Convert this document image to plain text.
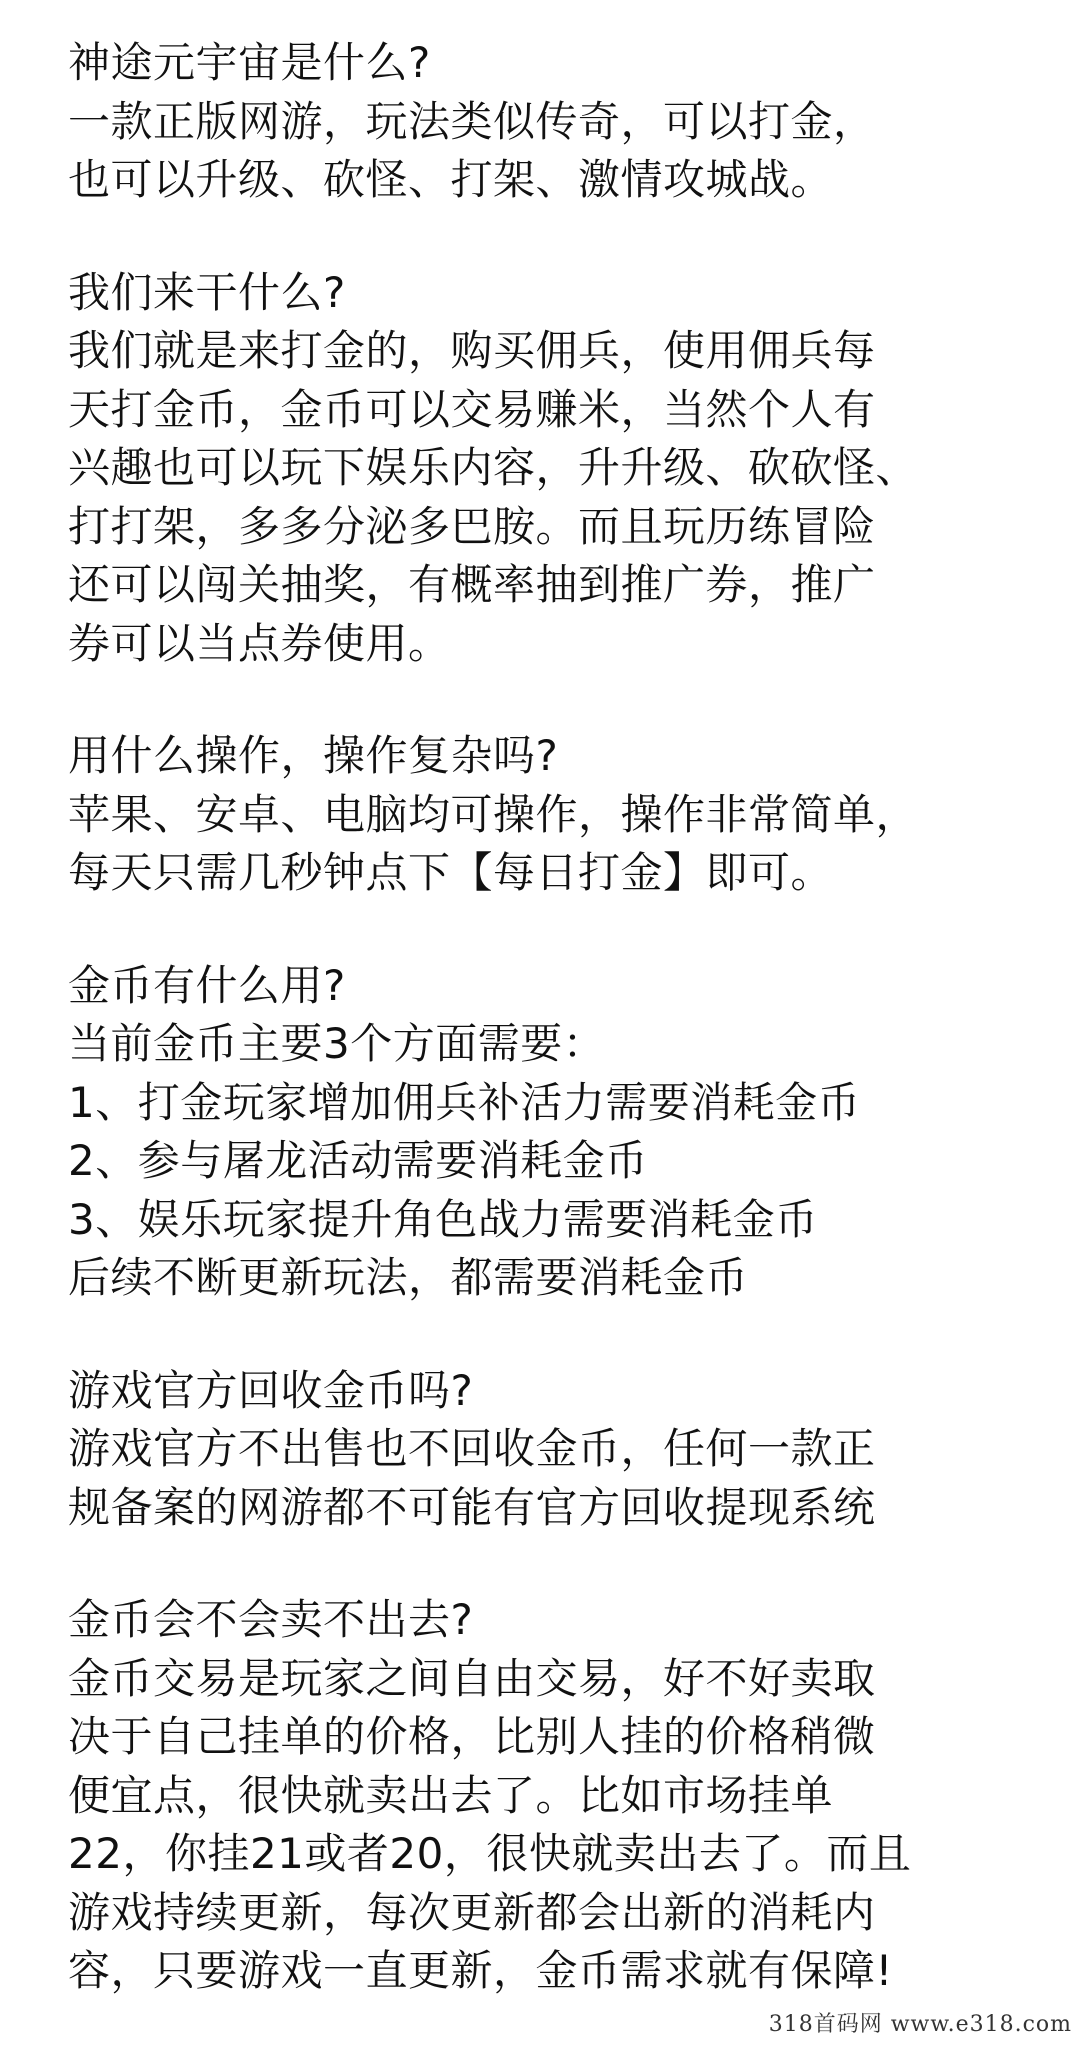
神途元宇宙是什么?
一款正版网游，玩法类似传奇，可以打金，
也可以升级、砍怪、打架、激情攻城战。
我们来干什么?
我们就是来打金的，购买佣兵，使用佣兵每
天打金币，金币可以交易赚米，当然个人有
兴趣也可以玩下娱乐内容，升升级、砍砍怪、
打打架，多多分泌多巴胺。而且玩历练冒险
还可以闯关抽奖，有概率抽到推广券，推广
券可以当点券使用。
用什么操作，操作复杂吗?
苹果、安卓、电脑均可操作，操作非常简单，
每天只需几秒钟点下【每日打金】即可。
金币有什么用?
当前金币主要3个方面需要：
1、打金玩家增加佣兵补活力需要消耗金币
2、参与屠龙活动需要消耗金币
3、娱乐玩家提升角色战力需要消耗金币
后续不断更新玩法，都需要消耗金币
游戏官方回收金币吗?
游戏官方不出售也不回收金币，任何一款正
规备案的网游都不可能有官方回收提现系统
金币会不会卖不出去?
金币交易是玩家之间自由交易，好不好卖取
决于自己挂单的价格，比别人挂的价格稍微
便宜点，很快就卖出去了。比如市场挂单
22，你挂21或者20，很快就卖出去了。而且
游戏持续更新，每次更新都会出新的消耗内
容，只要游戏一直更新，金币需求就有保障!
318首码网 www.e318.com
